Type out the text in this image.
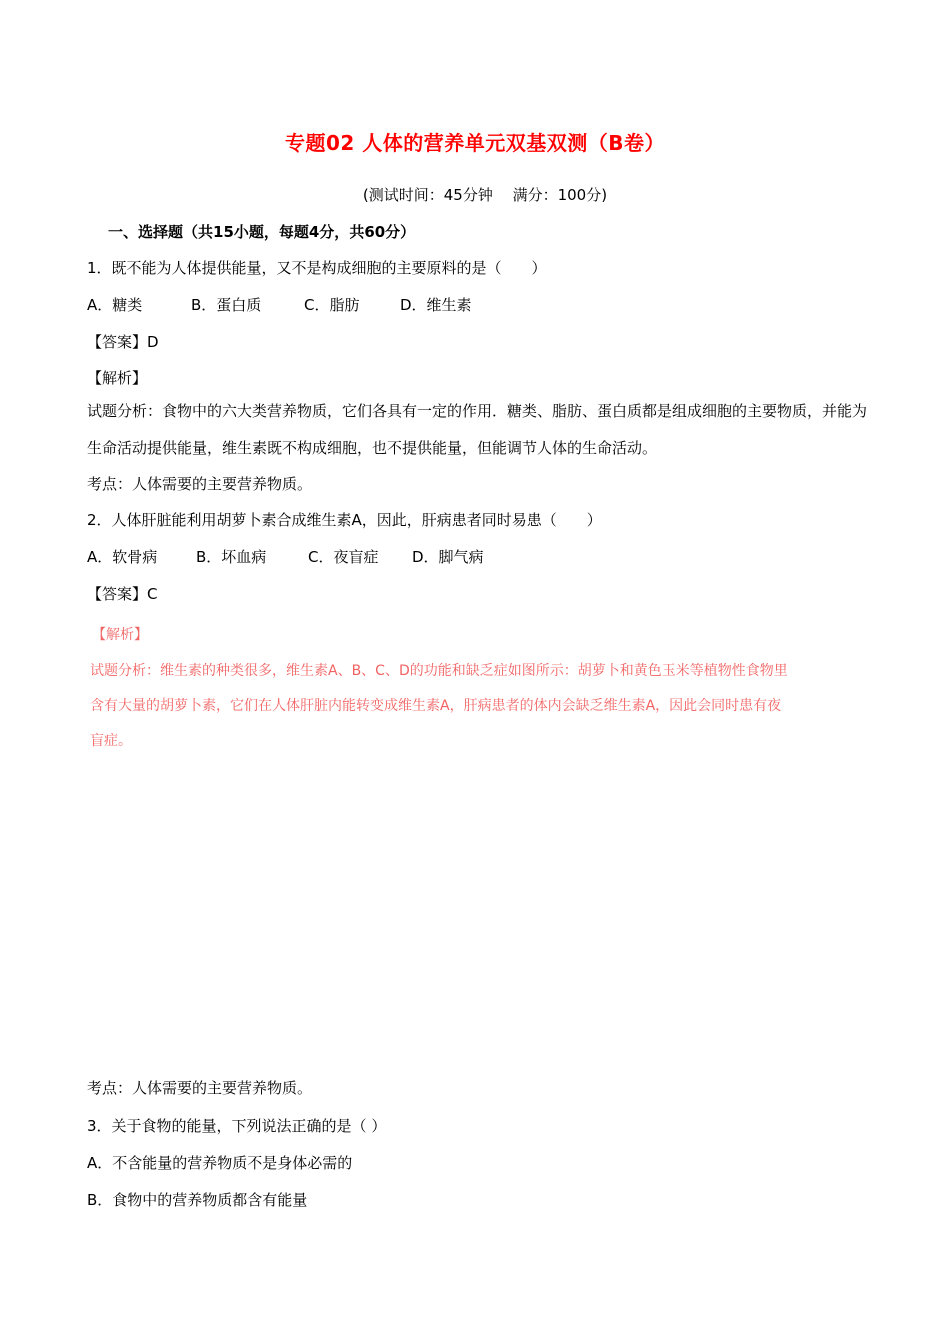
专题02 人体的营养单元双基双测（B卷）
(测试时间：45分钟　 满分：100分)
一、选择题（共15小题，每题4分，共60分）
1．既不能为人体提供能量，又不是构成细胞的主要原料的是（　　）
A．糖类	B．蛋白质	C．脂肪	D．维生素
【答案】D
【解析】
试题分析：食物中的六大类营养物质，它们各具有一定的作用．糖类、脂肪、蛋白质都是组成细胞的主要物质，并能为生命活动提供能量，维生素既不构成细胞，也不提供能量，但能调节人体的生命活动。
考点：人体需要的主要营养物质。
2．人体肝脏能利用胡萝卜素合成维生素A，因此，肝病患者同时易患（　　）
A．软骨病	B．坏血病	C．夜盲症 D．脚气病
【答案】C
【解析】
试题分析：维生素的种类很多，维生素A、B、C、D的功能和缺乏症如图所示：胡萝卜和黄色玉米等植物性食物里含有大量的胡萝卜素，它们在人体肝脏内能转变成维生素A，肝病患者的体内会缺乏维生素A，因此会同时患有夜盲症。
考点：人体需要的主要营养物质。
3．关于食物的能量，下列说法正确的是（ ）
A．不含能量的营养物质不是身体必需的
B．食物中的营养物质都含有能量
